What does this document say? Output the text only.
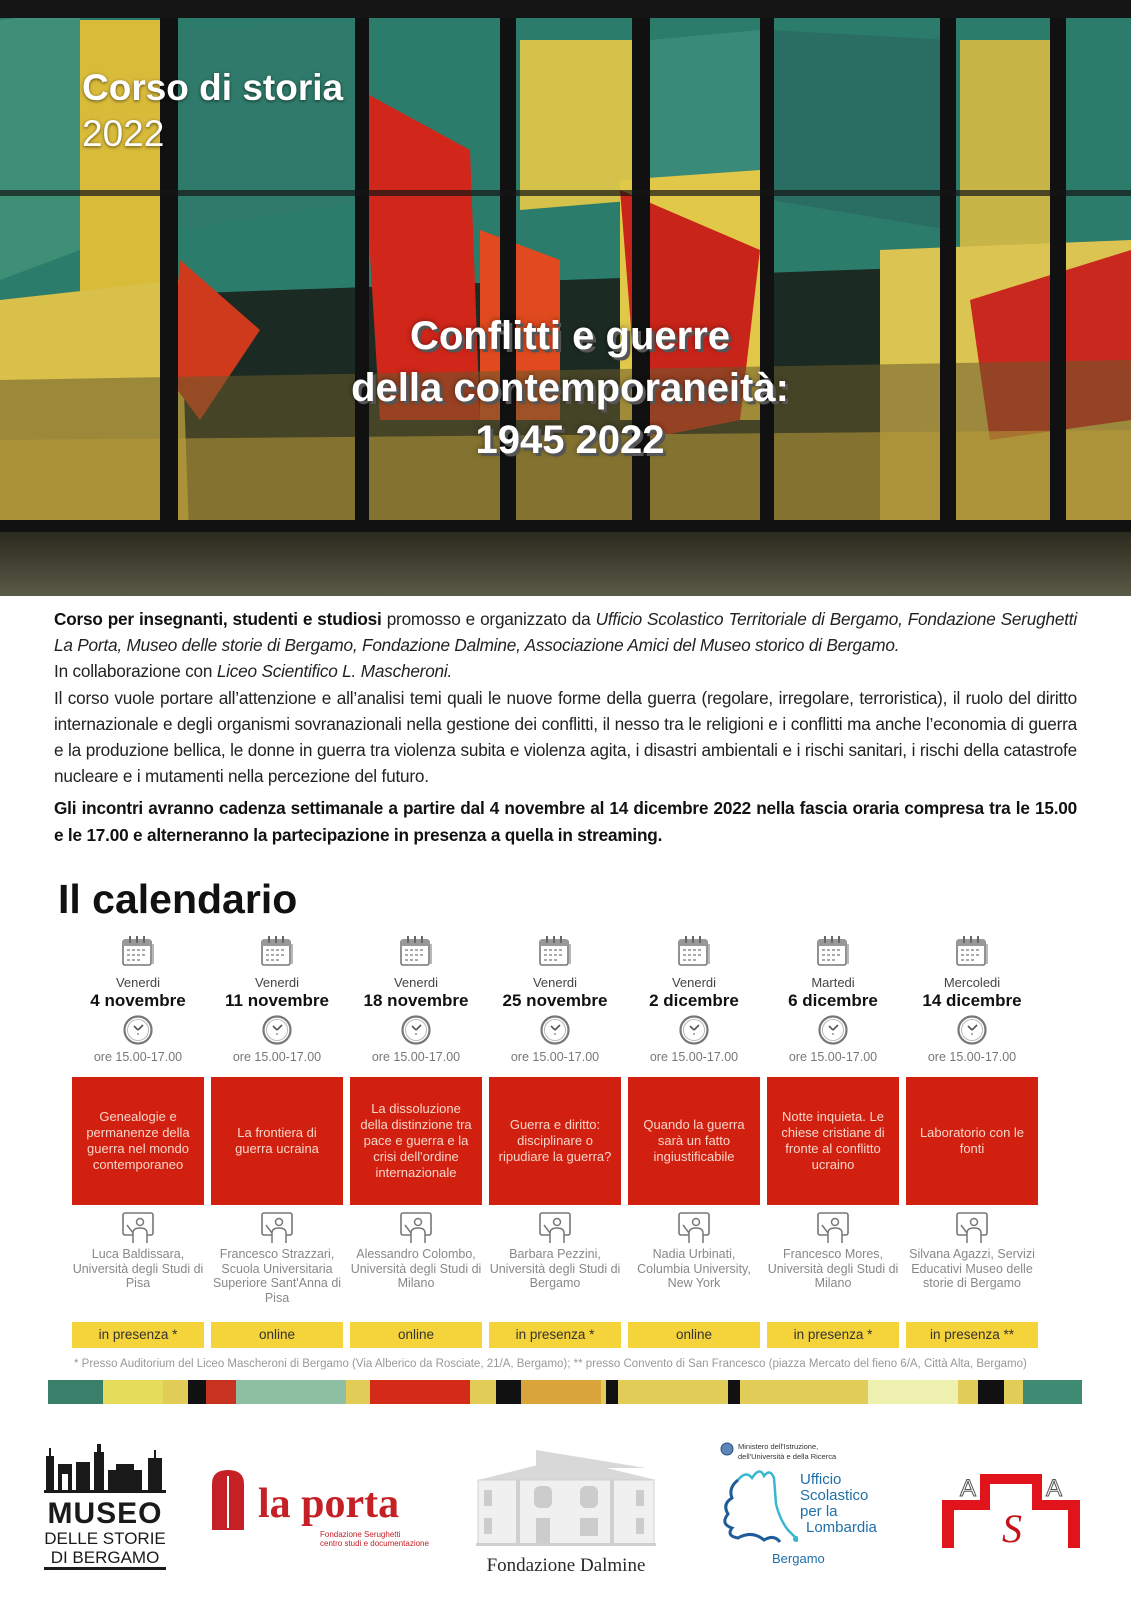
Corso di storia
2022
Conflitti e guerre
della contemporaneità:
1945 2022

Corso per insegnanti, studenti e studiosi promosso e organizzato da Ufficio Scolastico Territoriale di Bergamo, Fondazione Serughetti La Porta, Museo delle storie di Bergamo, Fondazione Dalmine, Associazione Amici del Museo storico di Bergamo.

In collaborazione con Liceo Scientifico L. Mascheroni.

Il corso vuole portare all’attenzione e all’analisi temi quali le nuove forme della guerra (regolare, irregolare, terroristica), il ruolo del diritto internazionale e degli organismi sovranazionali nella gestione dei conflitti, il nesso tra le religioni e i conflitti ma anche l’economia di guerra e la produzione bellica, le donne in guerra tra violenza subita e violenza agita, i disastri ambientali e i rischi sanitari, i rischi della catastrofe nucleare e i mutamenti nella percezione del futuro.

Gli incontri avranno cadenza settimanale a partire dal 4 novembre al 14 dicembre 2022 nella fascia oraria compresa tra le 15.00 e le 17.00 e alterneranno la partecipazione in presenza a quella in streaming.

Il calendario
Venerdi
4 novembre
ore 15.00-17.00
Genealogie e permanenze della guerra nel mondo contemporaneo
Luca Baldissara, Università degli Studi di Pisa
in presenza *
Venerdi
11 novembre
ore 15.00-17.00
La frontiera di guerra ucraina
Francesco Strazzari, Scuola Universitaria Superiore Sant'Anna di Pisa
online
Venerdi
18 novembre
ore 15.00-17.00
La dissoluzione della distinzione tra pace e guerra e la crisi dell'ordine internazionale
Alessandro Colombo, Università degli Studi di Milano
online
Venerdi
25 novembre
ore 15.00-17.00
Guerra e diritto: disciplinare o ripudiare la guerra?
Barbara Pezzini, Università degli Studi di Bergamo
in presenza *
Venerdi
2 dicembre
ore 15.00-17.00
Quando la guerra sarà un fatto ingiustificabile
Nadia Urbinati, Columbia University, New York
online
Martedi
6 dicembre
ore 15.00-17.00
Notte inquieta. Le chiese cristiane di fronte al conflitto ucraino
Francesco Mores, Università degli Studi di Milano
in presenza *
Mercoledi
14 dicembre
ore 15.00-17.00
Laboratorio con le fonti
Silvana Agazzi, Servizi Educativi Museo delle storie di Bergamo
in presenza **
* Presso Auditorium del Liceo Mascheroni di Bergamo (Via Alberico da Rosciate, 21/A, Bergamo); ** presso Convento di San Francesco (piazza Mercato del fieno 6/A, Città Alta, Bergamo)
MUSEO
DELLE STORIE
DI BERGAMO
la porta
Fondazione Serughetti
centro studi e documentazione
Fondazione Dalmine
Ministero dell'Istruzione,
dell'Università e della Ricerca
Ufficio
Scolastico
per la
Lombardia
Bergamo
A	A
S
